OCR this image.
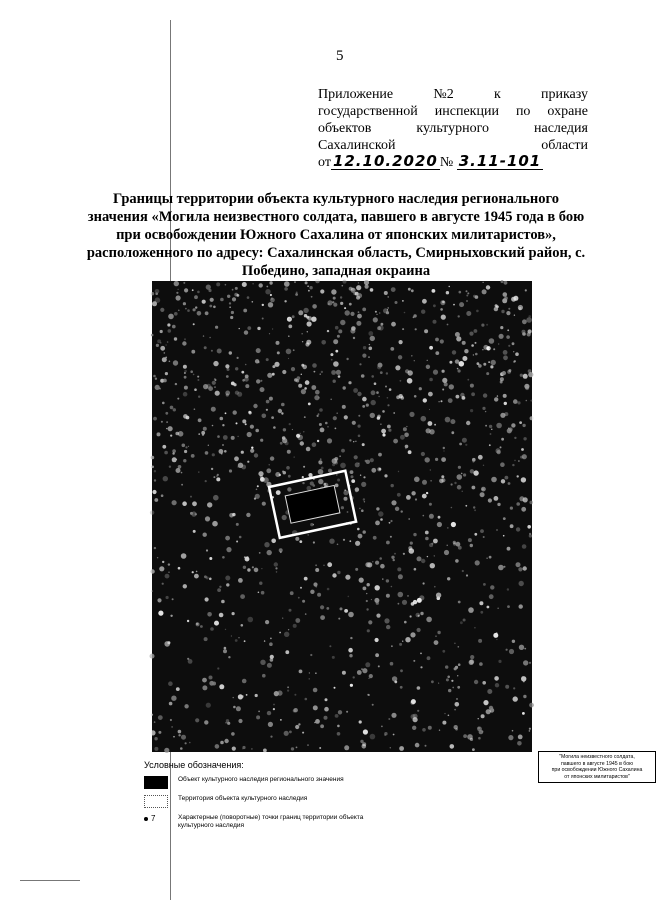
5
Приложение	№2	к	приказу
государственной инспекции по охране
объектов	культурного	наследия
Сахалинской	области
от 12.10.2020 № 3.11-101
Границы территории объекта культурного наследия регионального значения «Могила неизвестного солдата, павшего в августе 1945 года в бою при освобождении Южного Сахалина от японских милитаристов», расположенного по адресу: Сахалинская область, Смирныховский район, с. Победино, западная окраина
"Могила неизвестного солдата,
павшего в августе 1945 в бою
при освобождении Южного Сахалина
от японских милитаристов"
Условные обозначения:
Объект культурного наследия регионального значения
Территория объекта культурного наследия
7	Характерные (поворотные) точки границ территории объекта культурного наследия
